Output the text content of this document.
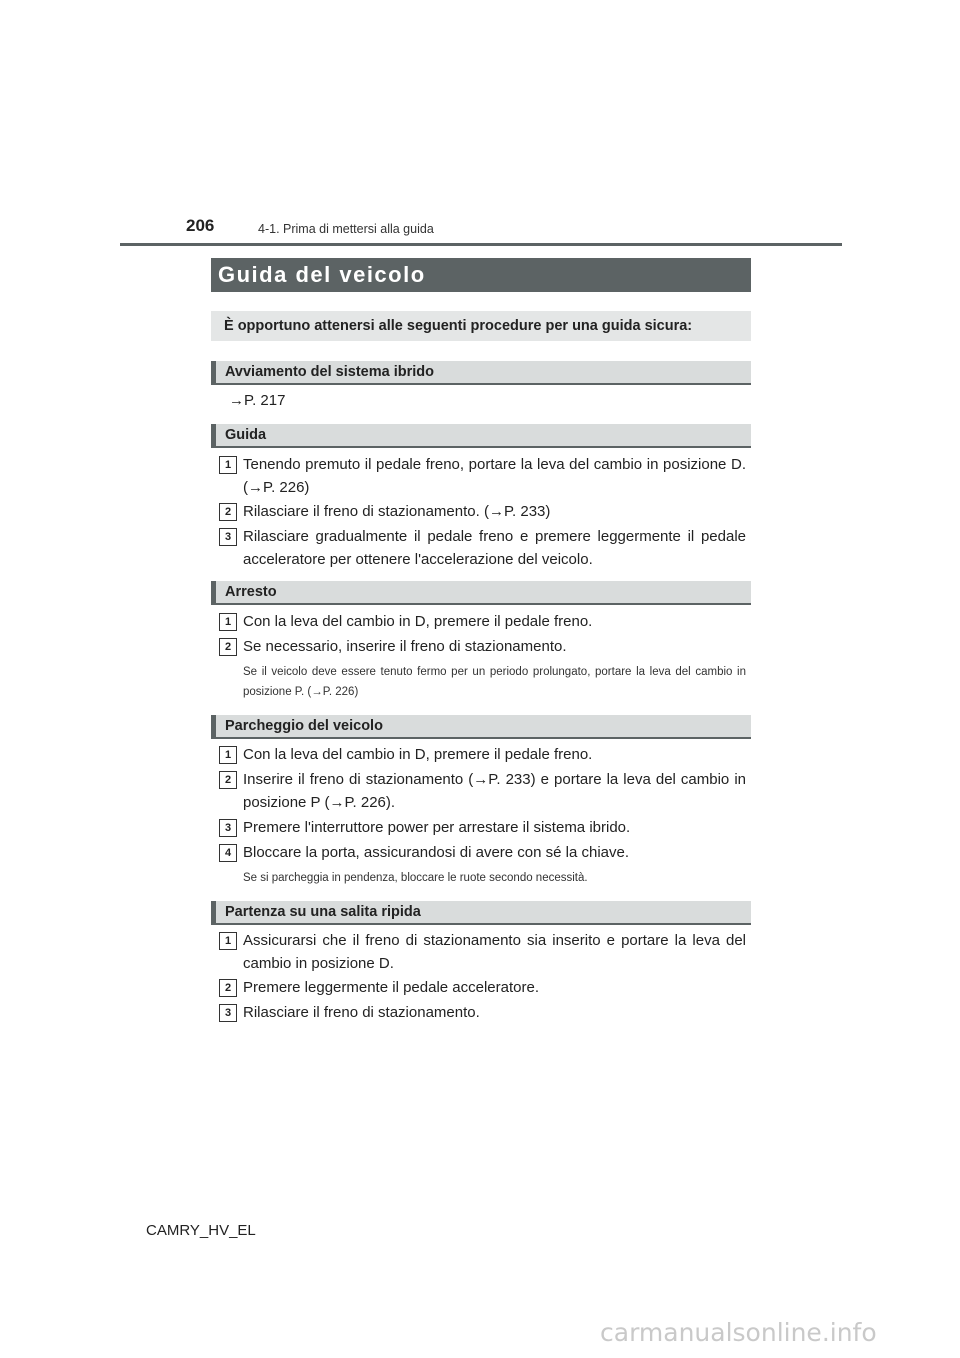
206	4-1. Prima di mettersi alla guida
Guida del veicolo
È opportuno attenersi alle seguenti procedure per una guida sicura:
Avviamento del sistema ibrido
→P. 217
Guida
1 Tenendo premuto il pedale freno, portare la leva del cambio in posizione D. (→P. 226)
2 Rilasciare il freno di stazionamento. (→P. 233)
3 Rilasciare gradualmente il pedale freno e premere leggermente il pedale acceleratore per ottenere l'accelerazione del veicolo.
Arresto
1 Con la leva del cambio in D, premere il pedale freno.
2 Se necessario, inserire il freno di stazionamento.
Se il veicolo deve essere tenuto fermo per un periodo prolungato, portare la leva del cambio in posizione P. (→P. 226)
Parcheggio del veicolo
1 Con la leva del cambio in D, premere il pedale freno.
2 Inserire il freno di stazionamento (→P. 233) e portare la leva del cambio in posizione P (→P. 226).
3 Premere l'interruttore power per arrestare il sistema ibrido.
4 Bloccare la porta, assicurandosi di avere con sé la chiave.
Se si parcheggia in pendenza, bloccare le ruote secondo necessità.
Partenza su una salita ripida
1 Assicurarsi che il freno di stazionamento sia inserito e portare la leva del cambio in posizione D.
2 Premere leggermente il pedale acceleratore.
3 Rilasciare il freno di stazionamento.
CAMRY_HV_EL
carmanualsonline.info
